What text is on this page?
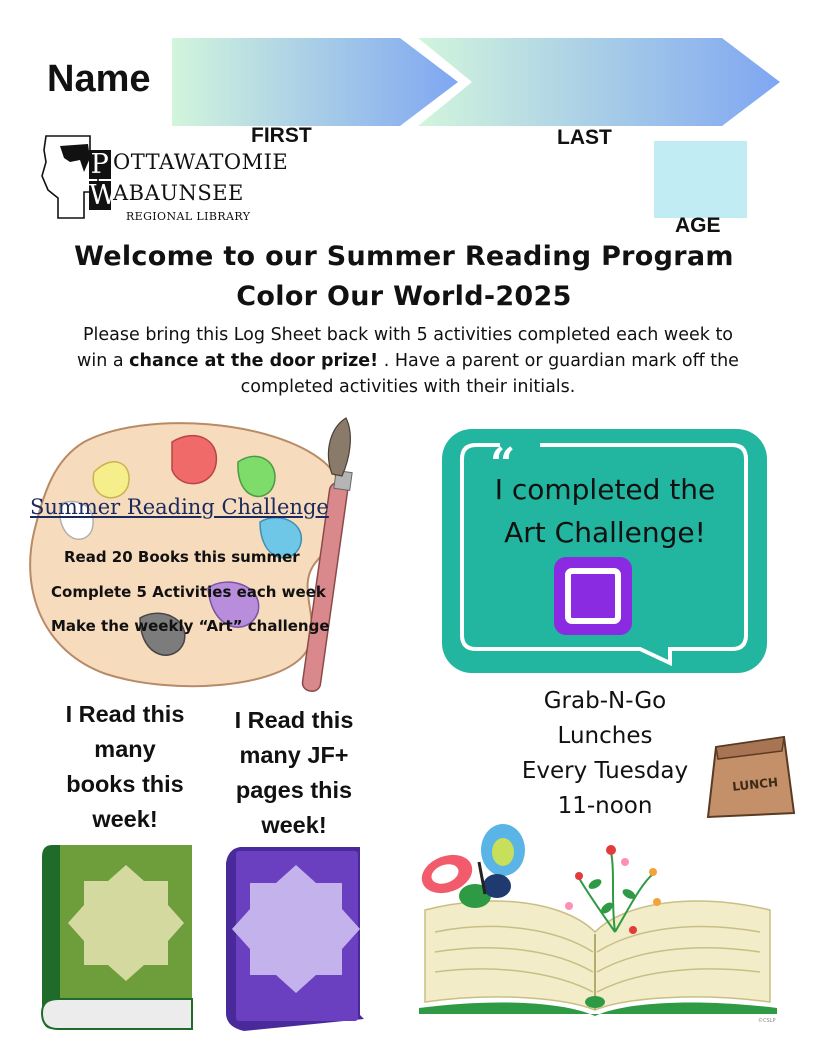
Name
FIRST	LAST
AGE
P OTTAWATOMIE
WABAUNSEE
REGIONAL LIBRARY
Welcome to our Summer Reading Program
Color Our World-2025
Please bring this Log Sheet back with 5 activities completed each week to win a chance at the door prize! . Have a parent or guardian mark off the completed activities with their initials.
Summer Reading Challenge
Read 20 Books this summer
Complete 5 Activities each week
Make the weekly “Art” challenge
“
I completed the
Art Challenge!
Grab-N-Go
Lunches
Every Tuesday
11-noon
LUNCH
I Read this
many
books this
week!
I Read this
many JF+
pages this
week!
©CSLP
